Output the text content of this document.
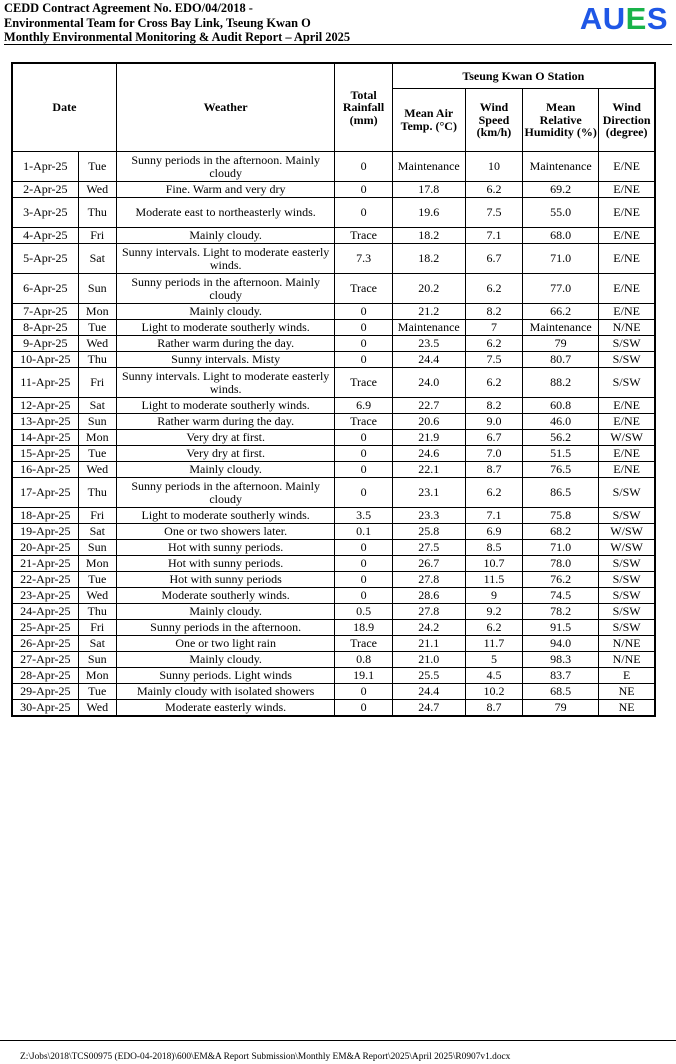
CEDD Contract Agreement No. EDO/04/2018 -
Environmental Team for Cross Bay Link, Tseung Kwan O
Monthly Environmental Monitoring & Audit Report – April 2025
AUES
Date		Weather	Total Rainfall (mm)	Tseung Kwan O Station			
				Mean Air Temp. (°C)	Wind Speed (km/h)	Mean Relative Humidity (%)	Wind Direction (degree)
1-Apr-25	Tue	Sunny periods in the afternoon. Mainly cloudy	0	Maintenance	10	Maintenance	E/NE
2-Apr-25	Wed	Fine. Warm and very dry	0	17.8	6.2	69.2	E/NE
3-Apr-25	Thu	Moderate east to northeasterly winds.	0	19.6	7.5	55.0	E/NE
4-Apr-25	Fri	Mainly cloudy.	Trace	18.2	7.1	68.0	E/NE
5-Apr-25	Sat	Sunny intervals. Light to moderate easterly winds.	7.3	18.2	6.7	71.0	E/NE
6-Apr-25	Sun	Sunny periods in the afternoon. Mainly cloudy	Trace	20.2	6.2	77.0	E/NE
7-Apr-25	Mon	Mainly cloudy.	0	21.2	8.2	66.2	E/NE
8-Apr-25	Tue	Light to moderate southerly winds.	0	Maintenance	7	Maintenance	N/NE
9-Apr-25	Wed	Rather warm during the day.	0	23.5	6.2	79	S/SW
10-Apr-25	Thu	Sunny intervals. Misty	0	24.4	7.5	80.7	S/SW
11-Apr-25	Fri	Sunny intervals. Light to moderate easterly winds.	Trace	24.0	6.2	88.2	S/SW
12-Apr-25	Sat	Light to moderate southerly winds.	6.9	22.7	8.2	60.8	E/NE
13-Apr-25	Sun	Rather warm during the day.	Trace	20.6	9.0	46.0	E/NE
14-Apr-25	Mon	Very dry at first.	0	21.9	6.7	56.2	W/SW
15-Apr-25	Tue	Very dry at first.	0	24.6	7.0	51.5	E/NE
16-Apr-25	Wed	Mainly cloudy.	0	22.1	8.7	76.5	E/NE
17-Apr-25	Thu	Sunny periods in the afternoon. Mainly cloudy	0	23.1	6.2	86.5	S/SW
18-Apr-25	Fri	Light to moderate southerly winds.	3.5	23.3	7.1	75.8	S/SW
19-Apr-25	Sat	One or two showers later.	0.1	25.8	6.9	68.2	W/SW
20-Apr-25	Sun	Hot with sunny periods.	0	27.5	8.5	71.0	W/SW
21-Apr-25	Mon	Hot with sunny periods.	0	26.7	10.7	78.0	S/SW
22-Apr-25	Tue	Hot with sunny periods	0	27.8	11.5	76.2	S/SW
23-Apr-25	Wed	Moderate southerly winds.	0	28.6	9	74.5	S/SW
24-Apr-25	Thu	Mainly cloudy.	0.5	27.8	9.2	78.2	S/SW
25-Apr-25	Fri	Sunny periods in the afternoon.	18.9	24.2	6.2	91.5	S/SW
26-Apr-25	Sat	One or two light rain	Trace	21.1	11.7	94.0	N/NE
27-Apr-25	Sun	Mainly cloudy.	0.8	21.0	5	98.3	N/NE
28-Apr-25	Mon	Sunny periods. Light winds	19.1	25.5	4.5	83.7	E
29-Apr-25	Tue	Mainly cloudy with isolated showers	0	24.4	10.2	68.5	NE
30-Apr-25	Wed	Moderate easterly winds.	0	24.7	8.7	79	NE
Z:\Jobs\2018\TCS00975 (EDO-04-2018)\600\EM&A Report Submission\Monthly EM&A Report\2025\April 2025\R0907v1.docx
